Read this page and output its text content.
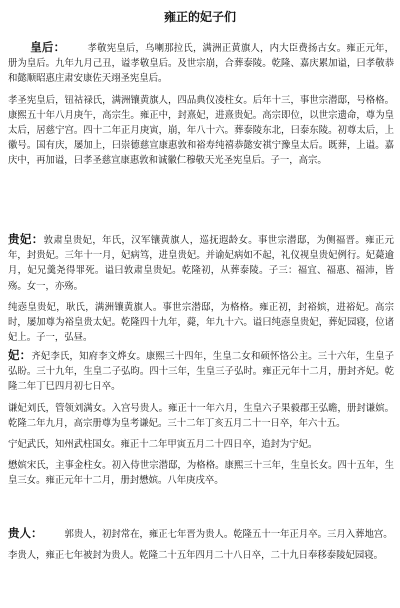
雍正的妃子们

皇后： 孝敬宪皇后，乌喇那拉氏，满洲正黄旗人，内大臣费扬古女。雍正元年，册为皇后。九年九月己丑，谥孝敬皇后。及世宗崩，合葬泰陵。乾隆、嘉庆累加谥，曰孝敬恭和懿顺昭惠庄肃安康佐天翊圣宪皇后。

孝圣宪皇后，钮祜禄氏，满洲镶黄旗人，四品典仪凌柱女。后年十三，事世宗潜邸，号格格。康熙五十年八月庚午，高宗生。雍正中，封熹妃，进熹贵妃。高宗即位，以世宗遗命，尊为皇太后，居慈宁宫。四十二年正月庚寅，崩，年八十六。葬泰陵东北，曰泰东陵。初尊太后，上徽号。国有庆，屡加上，曰崇德慈宣康惠敦和裕寿纯禧恭懿安祺宁豫皇太后。既葬，上谥。嘉庆中，再加谥，曰孝圣慈宣康惠敦和诚徽仁穆敬天光圣宪皇后。子一，高宗。

贵妃：敦肃皇贵妃，年氏，汉军镶黄旗人，巡抚遐龄女。事世宗潜邸，为侧福晋。雍正元年，封贵妃。三年十一月，妃病笃，进皇贵妃。并谕妃病如不起，礼仪视皇贵妃例行。妃薨逾月，妃兄羹尧得罪死。谥曰敦肃皇贵妃。乾隆初，从葬泰陵。子三：福宜、福惠、福沛，皆殇。女一，亦殇。

纯悫皇贵妃，耿氏，满洲镶黄旗人。事世宗潜邸，为格格。雍正初，封裕嫔，进裕妃。高宗时，屡加尊为裕皇贵太妃。乾隆四十九年，薨，年九十六。谥曰纯悫皇贵妃，葬妃园寝，位诸妃上。子一，弘昼。

妃：齐妃李氏，知府李文烨女。康熙三十四年，生皇二女和硕怀恪公主。三十六年，生皇子弘盼。三十九年，生皇二子弘昀。四十三年，生皇三子弘时。雍正元年十二月，册封齐妃。乾隆二年丁巳四月初七日卒。

谦妃刘氏，管领刘满女。入宫号贵人。雍正十一年六月，生皇六子果毅郡王弘曕，册封谦嫔。乾隆二年九月，高宗册尊为皇考谦妃。三十二年丁亥五月二十一日卒，年六十五。

宁妃武氏，知州武柱国女。雍正十二年甲寅五月二十四日卒，追封为宁妃。

懋嫔宋氏，主事金柱女。初入侍世宗潜邸，为格格。康熙三十三年，生皇长女。四十五年，生皇三女。雍正元年十二月，册封懋嫔。八年庚戌卒。

贵人： 郭贵人，初封常在，雍正七年晋为贵人。乾隆五十一年正月卒。三月入葬地宫。

李贵人，雍正七年被封为贵人。乾隆二十五年四月二十八日卒，二十九日奉移泰陵妃园寝。
